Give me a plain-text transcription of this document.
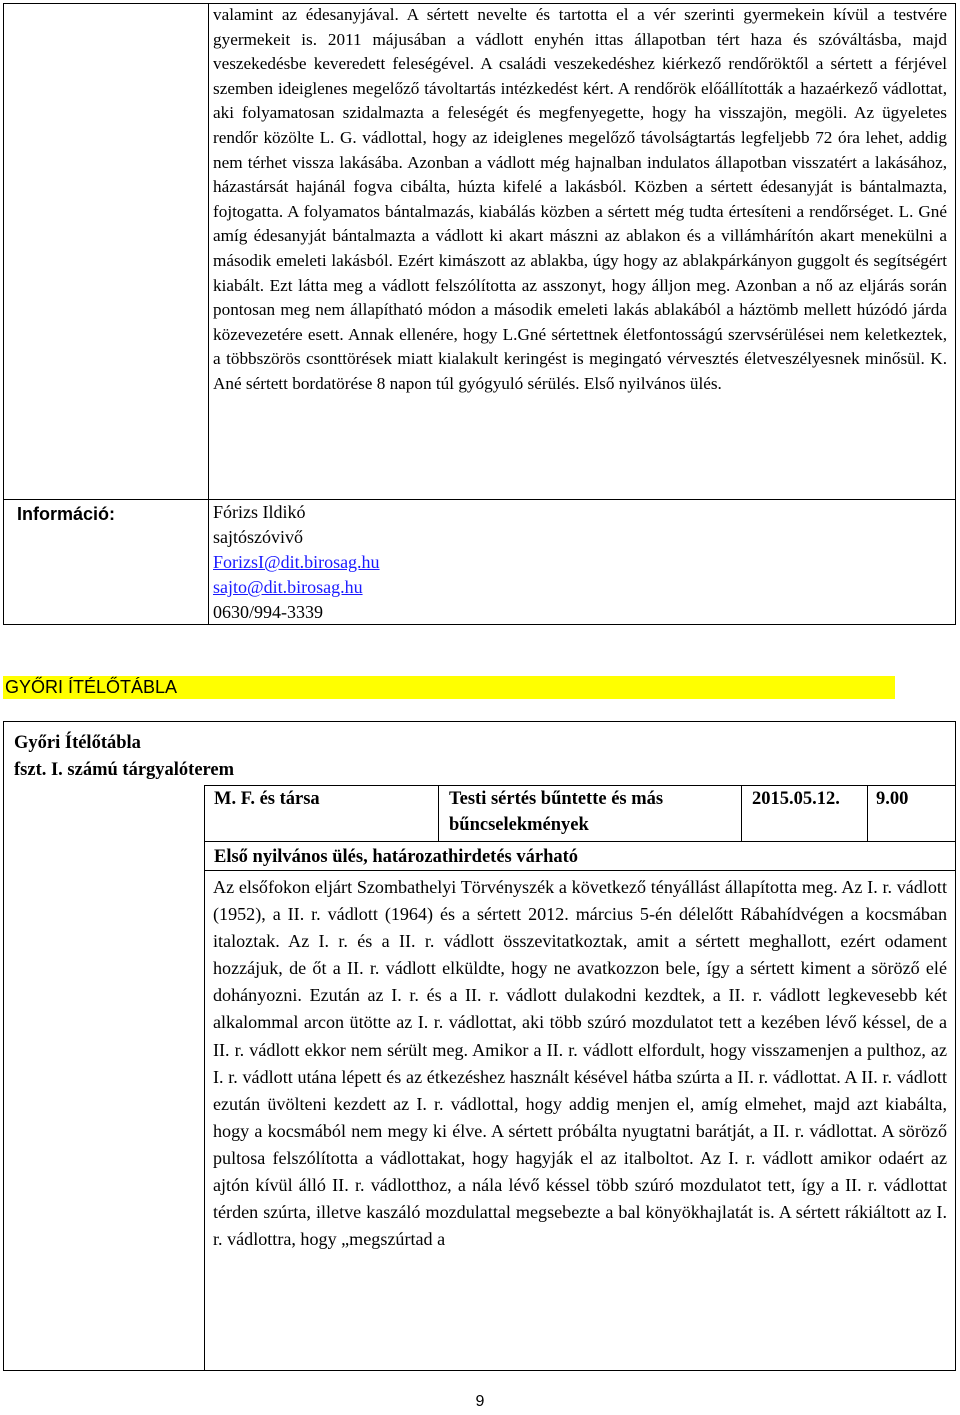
valamint az édesanyjával. A sértett nevelte és tartotta el a vér szerinti gyermekein kívül a testvére gyermekeit is. 2011 májusában a vádlott enyhén ittas állapotban tért haza és szóváltásba, majd veszekedésbe keveredett feleségével. A családi veszekedéshez kiérkező rendőröktől a sértett a férjével szemben ideiglenes megelőző távoltartás intézkedést kért. A rendőrök előállították a hazaérkező vádlottat, aki folyamatosan szidalmazta a feleségét és megfenyegette, hogy ha visszajön, megöli. Az ügyeletes rendőr közölte L. G. vádlottal, hogy az ideiglenes megelőző távolságtartás legfeljebb 72 óra lehet, addig nem térhet vissza lakásába. Azonban a vádlott még hajnalban indulatos állapotban visszatért a lakásához, házastársát hajánál fogva cibálta, húzta kifelé a lakásból. Közben a sértett édesanyját is bántalmazta, fojtogatta. A folyamatos bántalmazás, kiabálás közben a sértett még tudta értesíteni a rendőrséget. L. Gné amíg édesanyját bántalmazta a vádlott ki akart mászni az ablakon és a villámhárítón akart menekülni a második emeleti lakásból. Ezért kimászott az ablakba, úgy hogy az ablakpárkányon guggolt és segítségért kiabált. Ezt látta meg a vádlott felszólította az asszonyt, hogy álljon meg. Azonban a nő az eljárás során pontosan meg nem állapítható módon a második emeleti lakás ablakából a háztömb mellett húzódó járda közevezetére esett. Annak ellenére, hogy L.Gné sértettnek életfontosságú szervsérülései nem keletkeztek, a többszörös csonttörések miatt kialakult keringést is megingató vérvesztés életveszélyesnek minősül. K. Ané sértett bordatörése 8 napon túl gyógyuló sérülés. Első nyilvános ülés.

Információ:	Fórizs Ildikó
sajtószóvivő
ForizsI@dit.birosag.hu
sajto@dit.birosag.hu
0630/994-3339
GYŐRI ÍTÉLŐTÁBLA
Győri Ítélőtábla
fszt. I. számú tárgyalóterem
M. F. és társa	Testi sértés bűntette és más bűncselekmények
2015.05.12. 9.00
Első nyilvános ülés, határozathirdetés várható

Az elsőfokon eljárt Szombathelyi Törvényszék a következő tényállást állapította meg. Az I. r. vádlott (1952), a II. r. vádlott (1964) és a sértett 2012. március 5-én délelőtt Rábahídvégen a kocsmában italoztak. Az I. r. és a II. r. vádlott összevitatkoztak, amit a sértett meghallott, ezért odament hozzájuk, de őt a II. r. vádlott elküldte, hogy ne avatkozzon bele, így a sértett kiment a söröző elé dohányozni. Ezután az I. r. és a II. r. vádlott dulakodni kezdtek, a II. r. vádlott legkevesebb két alkalommal arcon ütötte az I. r. vádlottat, aki több szúró mozdulatot tett a kezében lévő késsel, de a II. r. vádlott ekkor nem sérült meg. Amikor a II. r. vádlott elfordult, hogy visszamenjen a pulthoz, az I. r. vádlott utána lépett és az étkezéshez használt késével hátba szúrta a II. r. vádlottat. A II. r. vádlott ezután üvölteni kezdett az I. r. vádlottal, hogy addig menjen el, amíg elmehet, majd azt kiabálta, hogy a kocsmából nem megy ki élve. A sértett próbálta nyugtatni barátját, a II. r. vádlottat. A söröző pultosa felszólította a vádlottakat, hogy hagyják el az italboltot. Az I. r. vádlott amikor odaért az ajtón kívül álló II. r. vádlotthoz, a nála lévő késsel több szúró mozdulatot tett, így a II. r. vádlottat térden szúrta, illetve kaszáló mozdulattal megsebezte a bal könyökhajlatát is. A sértett rákiáltott az I. r. vádlottra, hogy „megszúrtad a

9
